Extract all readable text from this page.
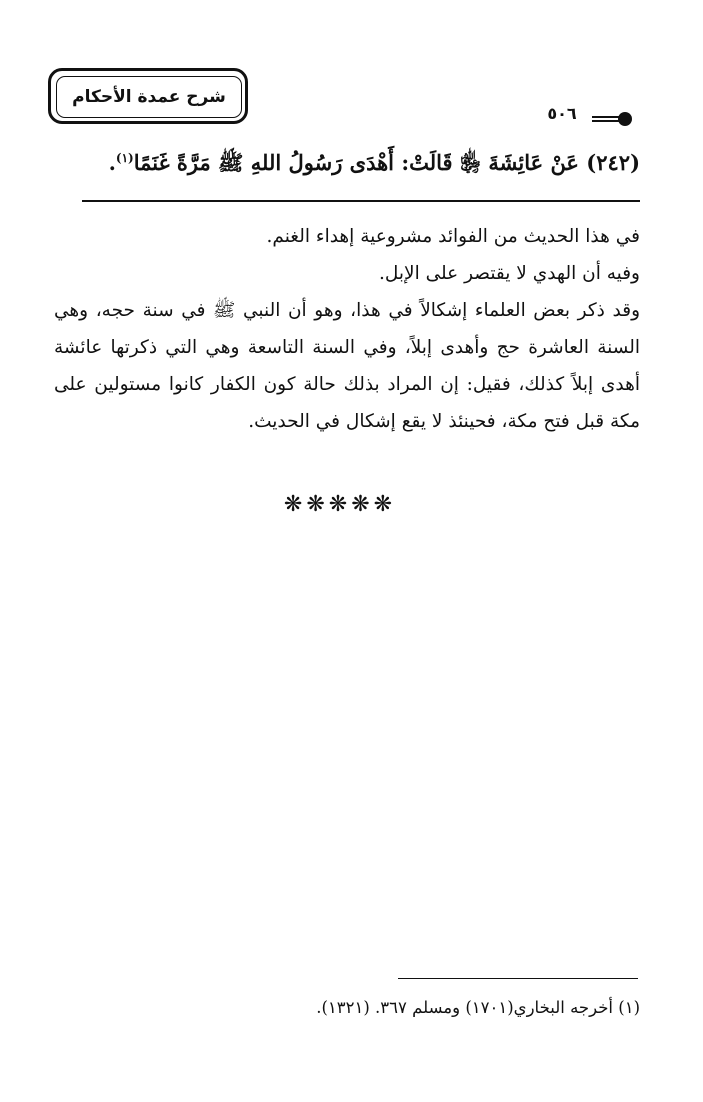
شرح عمدة الأحكام
٥٠٦
(٢٤٢) عَنْ عَائِشَةَ ﵂ قَالَتْ: أَهْدَى رَسُولُ اللهِ ﷺ مَرَّةً غَنَمًا$^{(١)}$.

في هذا الحديث من الفوائد مشروعية إهداء الغنم.

وفيه أن الهدي لا يقتصر على الإبل.

وقد ذكر بعض العلماء إشكالاً في هذا، وهو أن النبي ﷺ في سنة حجه، وهي السنة العاشرة حج وأهدى إبلاً، وفي السنة التاسعة وهي التي ذكرتها عائشة أهدى إبلاً كذلك، فقيل: إن المراد بذلك حالة كون الكفار كانوا مستولين على مكة قبل فتح مكة، فحينئذ لا يقع إشكال في الحديث.

❋❋❋❋❋
(١) أخرجه البخاري(١٧٠١) ومسلم ٣٦٧. (١٣٢١).
